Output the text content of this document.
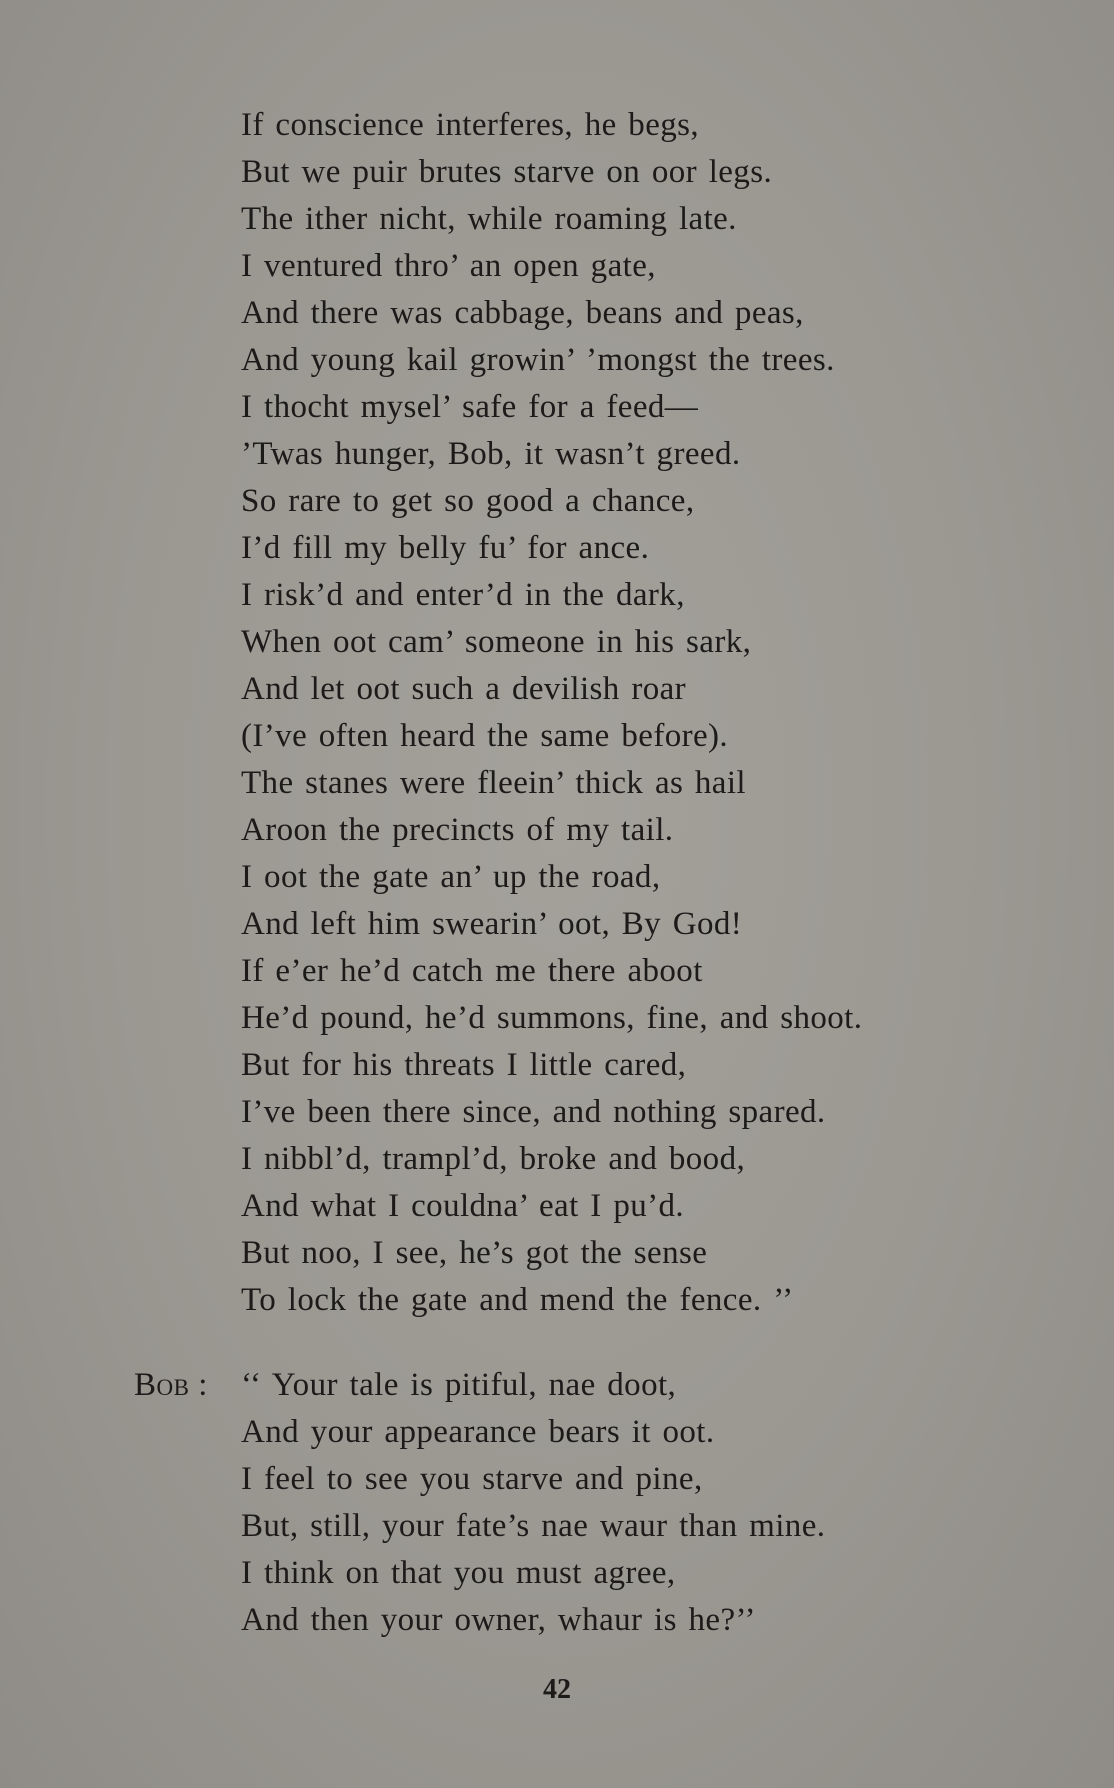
If conscience interferes, he begs,
But we puir brutes starve on oor legs.
The ither nicht, while roaming late.
I ventured thro’ an open gate,
And there was cabbage, beans and peas,
And young kail growin’ ’mongst the trees.
I thocht mysel’ safe for a feed—
’Twas hunger, Bob, it wasn’t greed.
So rare to get so good a chance,
I’d fill my belly fu’ for ance.
I risk’d and enter’d in the dark,
When oot cam’ someone in his sark,
And let oot such a devilish roar
(I’ve often heard the same before).
The stanes were fleein’ thick as hail
Aroon the precincts of my tail.
I oot the gate an’ up the road,
And left him swearin’ oot, By God!
If e’er he’d catch me there aboot
He’d pound, he’d summons, fine, and shoot.
But for his threats I little cared,
I’ve been there since, and nothing spared.
I nibbl’d, trampl’d, broke and bood,
And what I couldna’ eat I pu’d.
But noo, I see, he’s got the sense
To lock the gate and mend the fence. ’’
Bob : ‘‘ Your tale is pitiful, nae doot,
And your appearance bears it oot.
I feel to see you starve and pine,
But, still, your fate’s nae waur than mine.
I think on that you must agree,
And then your owner, whaur is he?’’
42
